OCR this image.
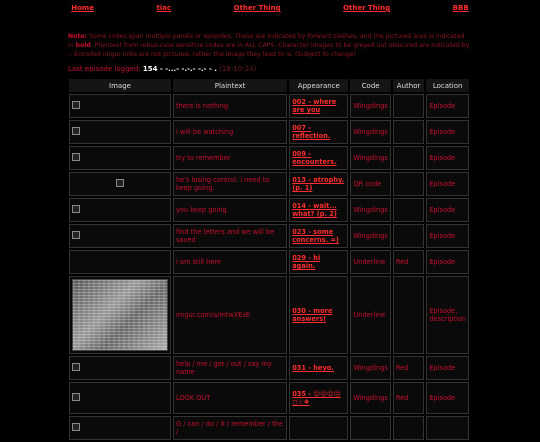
Home	tiac	Other Thing	Other Thing	BBB
Note: Some codes span multiple panels or episodes. These are indicated by forward slashes, and the pictured area is indicated in bold. Plaintext from rebus-case sensitive codes are in ALL CAPS. Character images to be greyed out obscured are indicated by -. Encoded imgur links are not pictured, rather the image they lead to is. (Subject to change)
Last episode logged: 154 - -...- -.-.- -.- - . (18-10-24)
Image	Plaintext	Appearance	Code	Author	Location
	there is nothing	002 - where are you	Wingdings		Episode
	i will be watching	007 - reflection.	Wingdings		Episode
	try to remember	009 - encounters.	Wingdings		Episode
	he's losing control. i need to keep going.	013 - atrophy. (p. 1)	QR code		Episode
	you keep going	014 - wait... what? (p. 2)	Wingdings		Episode
	find the letters and we will be saved	023 - some concerns. =)	Wingdings		Episode
	i am still here	029 - hi again.	Underline	Red	Episode

	imgur.com/a/mtwXEzE	030 - more answers!	Underline		Episode, description
	help / me / get / out / say my name	031 - heyo.	Wingdings	Red	Episode
	LOOK OUT	035 - ☺︎☹︎☺︎☹︎ ◻︎☆❖	Wingdings	Red	Episode
	G / can / do / it / remember / the /				
